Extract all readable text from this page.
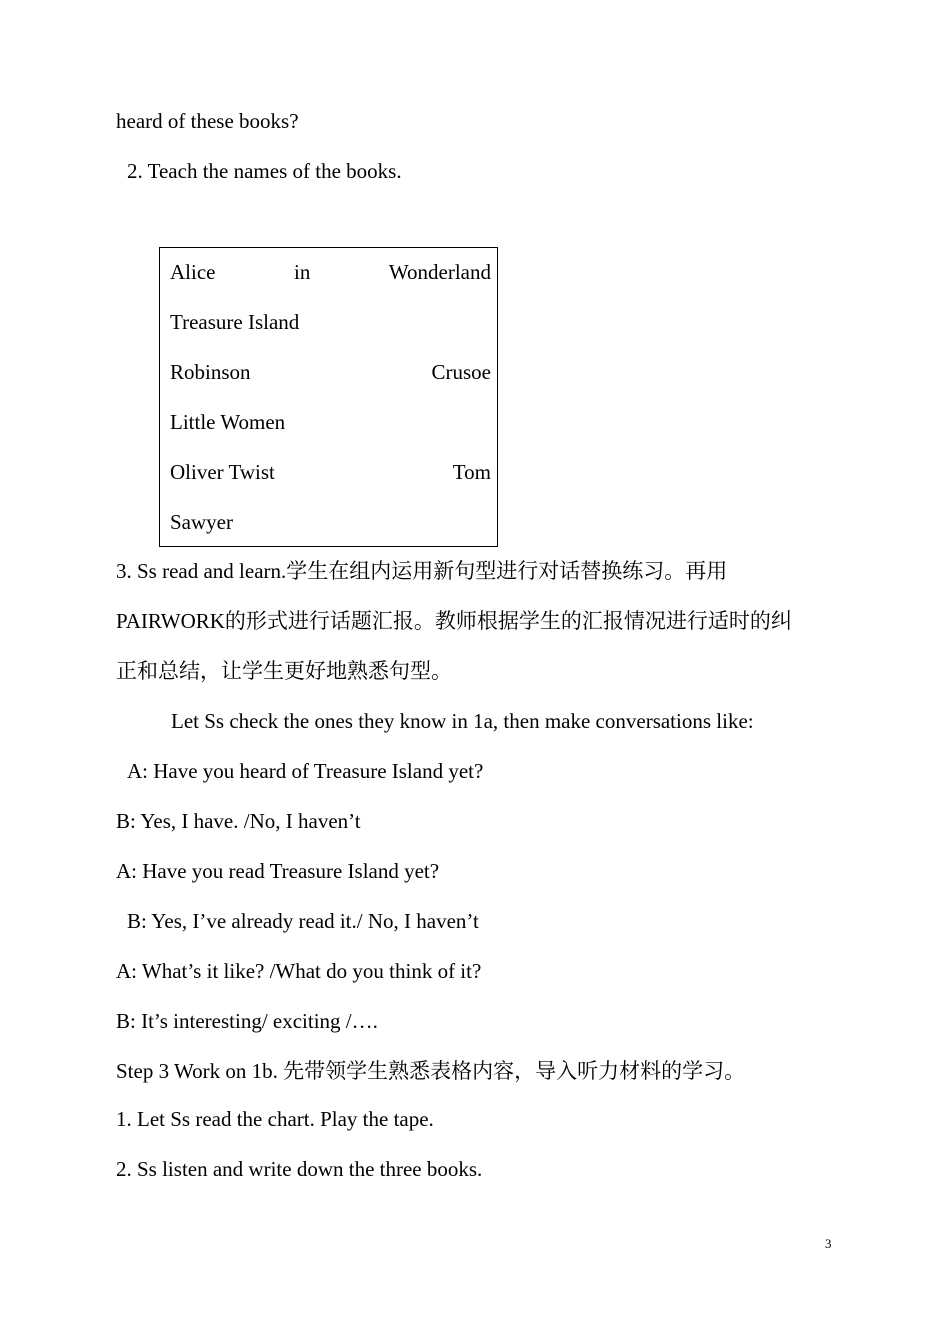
heard of these books?
2. Teach the names of the books.
Alice	in	Wonderland
Treasure Island
Robinson	Crusoe
Little Women
Oliver Twist	Tom
Sawyer
3. Ss read and learn.学生在组内运用新句型进行对话替换练习。再用
PAIRWORK的形式进行话题汇报。教师根据学生的汇报情况进行适时的纠
正和总结，让学生更好地熟悉句型。
Let Ss check the ones they know in 1a, then make conversations like:
A: Have you heard of Treasure Island yet?
B: Yes, I have. /No, I haven’t
A: Have you read Treasure Island yet?
B: Yes, I’ve already read it./ No, I haven’t
A: What’s it like? /What do you think of it?
B: It’s interesting/ exciting /….
Step 3 Work on 1b. 先带领学生熟悉表格内容，导入听力材料的学习。
1. Let Ss read the chart. Play the tape.
2. Ss listen and write down the three books.
3
